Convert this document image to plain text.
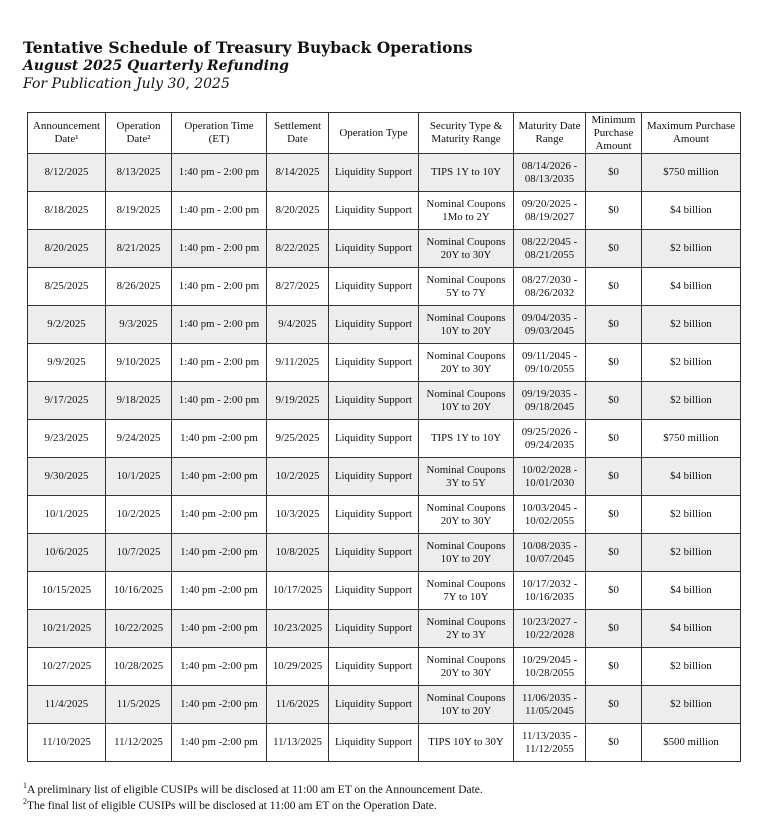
Tentative Schedule of Treasury Buyback Operations

August 2025 Quarterly Refunding

For Publication July 30, 2025

Announcement Date¹	Operation Date²	Operation Time (ET)	Settlement Date	Operation Type	Security Type & Maturity Range	Maturity Date Range	Minimum Purchase Amount	Maximum Purchase Amount
8/12/2025	8/13/2025	1:40 pm - 2:00 pm	8/14/2025	Liquidity Support	TIPS 1Y to 10Y	08/14/2026 - 08/13/2035	$0	$750 million
8/18/2025	8/19/2025	1:40 pm - 2:00 pm	8/20/2025	Liquidity Support	Nominal Coupons 1Mo to 2Y	09/20/2025 - 08/19/2027	$0	$4 billion
8/20/2025	8/21/2025	1:40 pm - 2:00 pm	8/22/2025	Liquidity Support	Nominal Coupons 20Y to 30Y	08/22/2045 - 08/21/2055	$0	$2 billion
8/25/2025	8/26/2025	1:40 pm - 2:00 pm	8/27/2025	Liquidity Support	Nominal Coupons 5Y to 7Y	08/27/2030 - 08/26/2032	$0	$4 billion
9/2/2025	9/3/2025	1:40 pm - 2:00 pm	9/4/2025	Liquidity Support	Nominal Coupons 10Y to 20Y	09/04/2035 - 09/03/2045	$0	$2 billion
9/9/2025	9/10/2025	1:40 pm - 2:00 pm	9/11/2025	Liquidity Support	Nominal Coupons 20Y to 30Y	09/11/2045 - 09/10/2055	$0	$2 billion
9/17/2025	9/18/2025	1:40 pm - 2:00 pm	9/19/2025	Liquidity Support	Nominal Coupons 10Y to 20Y	09/19/2035 - 09/18/2045	$0	$2 billion
9/23/2025	9/24/2025	1:40 pm -2:00 pm	9/25/2025	Liquidity Support	TIPS 1Y to 10Y	09/25/2026 - 09/24/2035	$0	$750 million
9/30/2025	10/1/2025	1:40 pm -2:00 pm	10/2/2025	Liquidity Support	Nominal Coupons 3Y to 5Y	10/02/2028 - 10/01/2030	$0	$4 billion
10/1/2025	10/2/2025	1:40 pm -2:00 pm	10/3/2025	Liquidity Support	Nominal Coupons 20Y to 30Y	10/03/2045 - 10/02/2055	$0	$2 billion
10/6/2025	10/7/2025	1:40 pm -2:00 pm	10/8/2025	Liquidity Support	Nominal Coupons 10Y to 20Y	10/08/2035 - 10/07/2045	$0	$2 billion
10/15/2025	10/16/2025	1:40 pm -2:00 pm	10/17/2025	Liquidity Support	Nominal Coupons 7Y to 10Y	10/17/2032 - 10/16/2035	$0	$4 billion
10/21/2025	10/22/2025	1:40 pm -2:00 pm	10/23/2025	Liquidity Support	Nominal Coupons 2Y to 3Y	10/23/2027 - 10/22/2028	$0	$4 billion
10/27/2025	10/28/2025	1:40 pm -2:00 pm	10/29/2025	Liquidity Support	Nominal Coupons 20Y to 30Y	10/29/2045 - 10/28/2055	$0	$2 billion
11/4/2025	11/5/2025	1:40 pm -2:00 pm	11/6/2025	Liquidity Support	Nominal Coupons 10Y to 20Y	11/06/2035 - 11/05/2045	$0	$2 billion
11/10/2025	11/12/2025	1:40 pm -2:00 pm	11/13/2025	Liquidity Support	TIPS 10Y to 30Y	11/13/2035 - 11/12/2055	$0	$500 million

$^1$A preliminary list of eligible CUSIPs will be disclosed at 11:00 am ET on the Announcement Date.

$^2$The final list of eligible CUSIPs will be disclosed at 11:00 am ET on the Operation Date.
